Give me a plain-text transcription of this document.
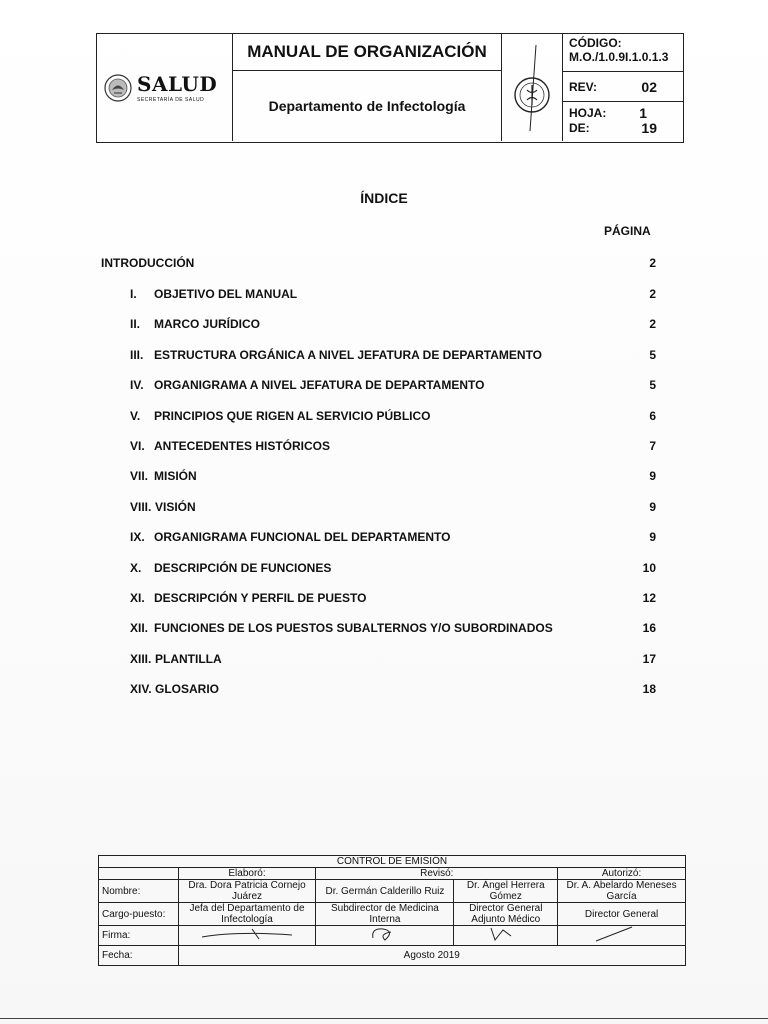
SALUD
SECRETARÍA DE SALUD
MANUAL DE ORGANIZACIÓN
Departamento de Infectología
CÓDIGO:
M.O./1.0.9I.1.0.1.3
REV:	02
HOJA: 1
DE:	19
ÍNDICE
PÁGINA
INTRODUCCIÓN	2
I. OBJETIVO DEL MANUAL	2
II. MARCO JURÍDICO	2
III. ESTRUCTURA ORGÁNICA A NIVEL JEFATURA DE DEPARTAMENTO	5
IV. ORGANIGRAMA A NIVEL JEFATURA DE DEPARTAMENTO	5
V. PRINCIPIOS QUE RIGEN AL SERVICIO PÚBLICO	6
VI. ANTECEDENTES HISTÓRICOS	7
VII. MISIÓN	9
VIII. VISIÓN	9
IX. ORGANIGRAMA FUNCIONAL DEL DEPARTAMENTO	9
X. DESCRIPCIÓN DE FUNCIONES	10
XI. DESCRIPCIÓN Y PERFIL DE PUESTO	12
XII. FUNCIONES DE LOS PUESTOS SUBALTERNOS Y/O SUBORDINADOS	16
XIII. PLANTILLA	17
XIV. GLOSARIO	18
CONTROL DE EMISIÓN				
	Elaboró:	Revisó:		Autorizó:
Nombre:	Dra. Dora Patricia Cornejo Juárez	Dr. Germán Calderillo Ruiz	Dr. Ángel Herrera Gómez	Dr. A. Abelardo Meneses García
Cargo-puesto:	Jefa del Departamento de Infectología	Subdirector de Medicina Interna	Director General Adjunto Médico	Director General
Firma:				
Fecha:	Agosto 2019			
